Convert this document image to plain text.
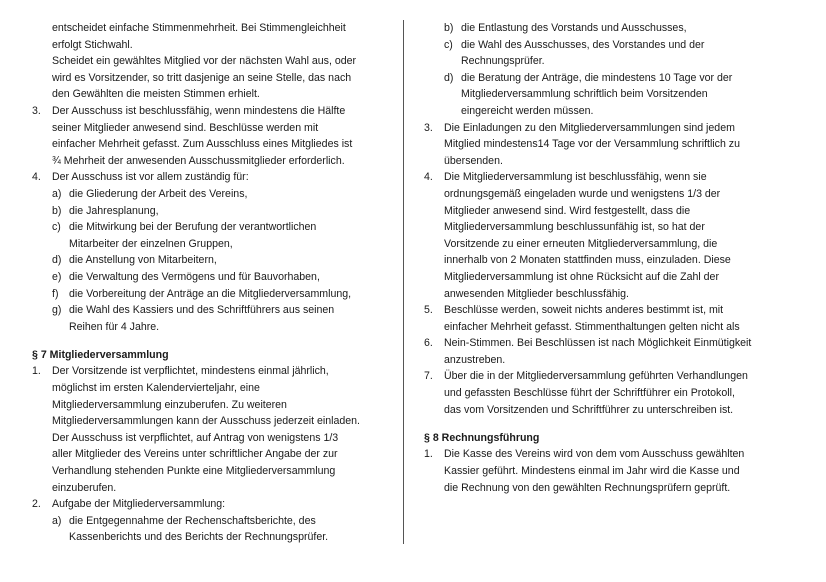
entscheidet einfache Stimmenmehrheit. Bei Stimmengleichheit
erfolgt Stichwahl.
Scheidet ein gewähltes Mitglied vor der nächsten Wahl aus, oder
wird es Vorsitzender, so tritt dasjenige an seine Stelle, das nach
den Gewählten die meisten Stimmen erhielt.
3. Der Ausschuss ist beschlussfähig, wenn mindestens die Hälfte
seiner Mitglieder anwesend sind. Beschlüsse werden mit
einfacher Mehrheit gefasst. Zum Ausschluss eines Mitgliedes ist
¾ Mehrheit der anwesenden Ausschussmitglieder erforderlich.
4. Der Ausschuss ist vor allem zuständig für:
a) die Gliederung der Arbeit des Vereins,
b) die Jahresplanung,
c) die Mitwirkung bei der Berufung der verantwortlichen
Mitarbeiter der einzelnen Gruppen,
d) die Anstellung von Mitarbeitern,
e) die Verwaltung des Vermögens und für Bauvorhaben,
f) die Vorbereitung der Anträge an die Mitgliederversammlung,
g) die Wahl des Kassiers und des Schriftführers aus seinen
Reihen für 4 Jahre.
§ 7 Mitgliederversammlung
1. Der Vorsitzende ist verpflichtet, mindestens einmal jährlich,
möglichst im ersten Kalendervierteljahr, eine
Mitgliederversammlung einzuberufen. Zu weiteren
Mitgliederversammlungen kann der Ausschuss jederzeit einladen.
Der Ausschuss ist verpflichtet, auf Antrag von wenigstens 1/3
aller Mitglieder des Vereins unter schriftlicher Angabe der zur
Verhandlung stehenden Punkte eine Mitgliederversammlung
einzuberufen.
2. Aufgabe der Mitgliederversammlung:
a) die Entgegennahme der Rechenschaftsberichte, des
Kassenberichts und des Berichts der Rechnungsprüfer.
b) die Entlastung des Vorstands und Ausschusses,
c) die Wahl des Ausschusses, des Vorstandes und der
Rechnungsprüfer.
d) die Beratung der Anträge, die mindestens 10 Tage vor der
Mitgliederversammlung schriftlich beim Vorsitzenden
eingereicht werden müssen.
3. Die Einladungen zu den Mitgliederversammlungen sind jedem
Mitglied mindestens14 Tage vor der Versammlung schriftlich zu
übersenden.
4. Die Mitgliederversammlung ist beschlussfähig, wenn sie
ordnungsgemäß eingeladen wurde und wenigstens 1/3 der
Mitglieder anwesend sind. Wird festgestellt, dass die
Mitgliederversammlung beschlussunfähig ist, so hat der
Vorsitzende zu einer erneuten Mitgliederversammlung, die
innerhalb von 2 Monaten stattfinden muss, einzuladen. Diese
Mitgliederversammlung ist ohne Rücksicht auf die Zahl der
anwesenden Mitglieder beschlussfähig.
5. Beschlüsse werden, soweit nichts anderes bestimmt ist, mit
einfacher Mehrheit gefasst. Stimmenthaltungen gelten nicht als
6. Nein-Stimmen. Bei Beschlüssen ist nach Möglichkeit Einmütigkeit
anzustreben.
7. Über die in der Mitgliederversammlung geführten Verhandlungen
und gefassten Beschlüsse führt der Schriftführer ein Protokoll,
das vom Vorsitzenden und Schriftführer zu unterschreiben ist.
§ 8 Rechnungsführung
1. Die Kasse des Vereins wird von dem vom Ausschuss gewählten
Kassier geführt. Mindestens einmal im Jahr wird die Kasse und
die Rechnung von den gewählten Rechnungsprüfern geprüft.
